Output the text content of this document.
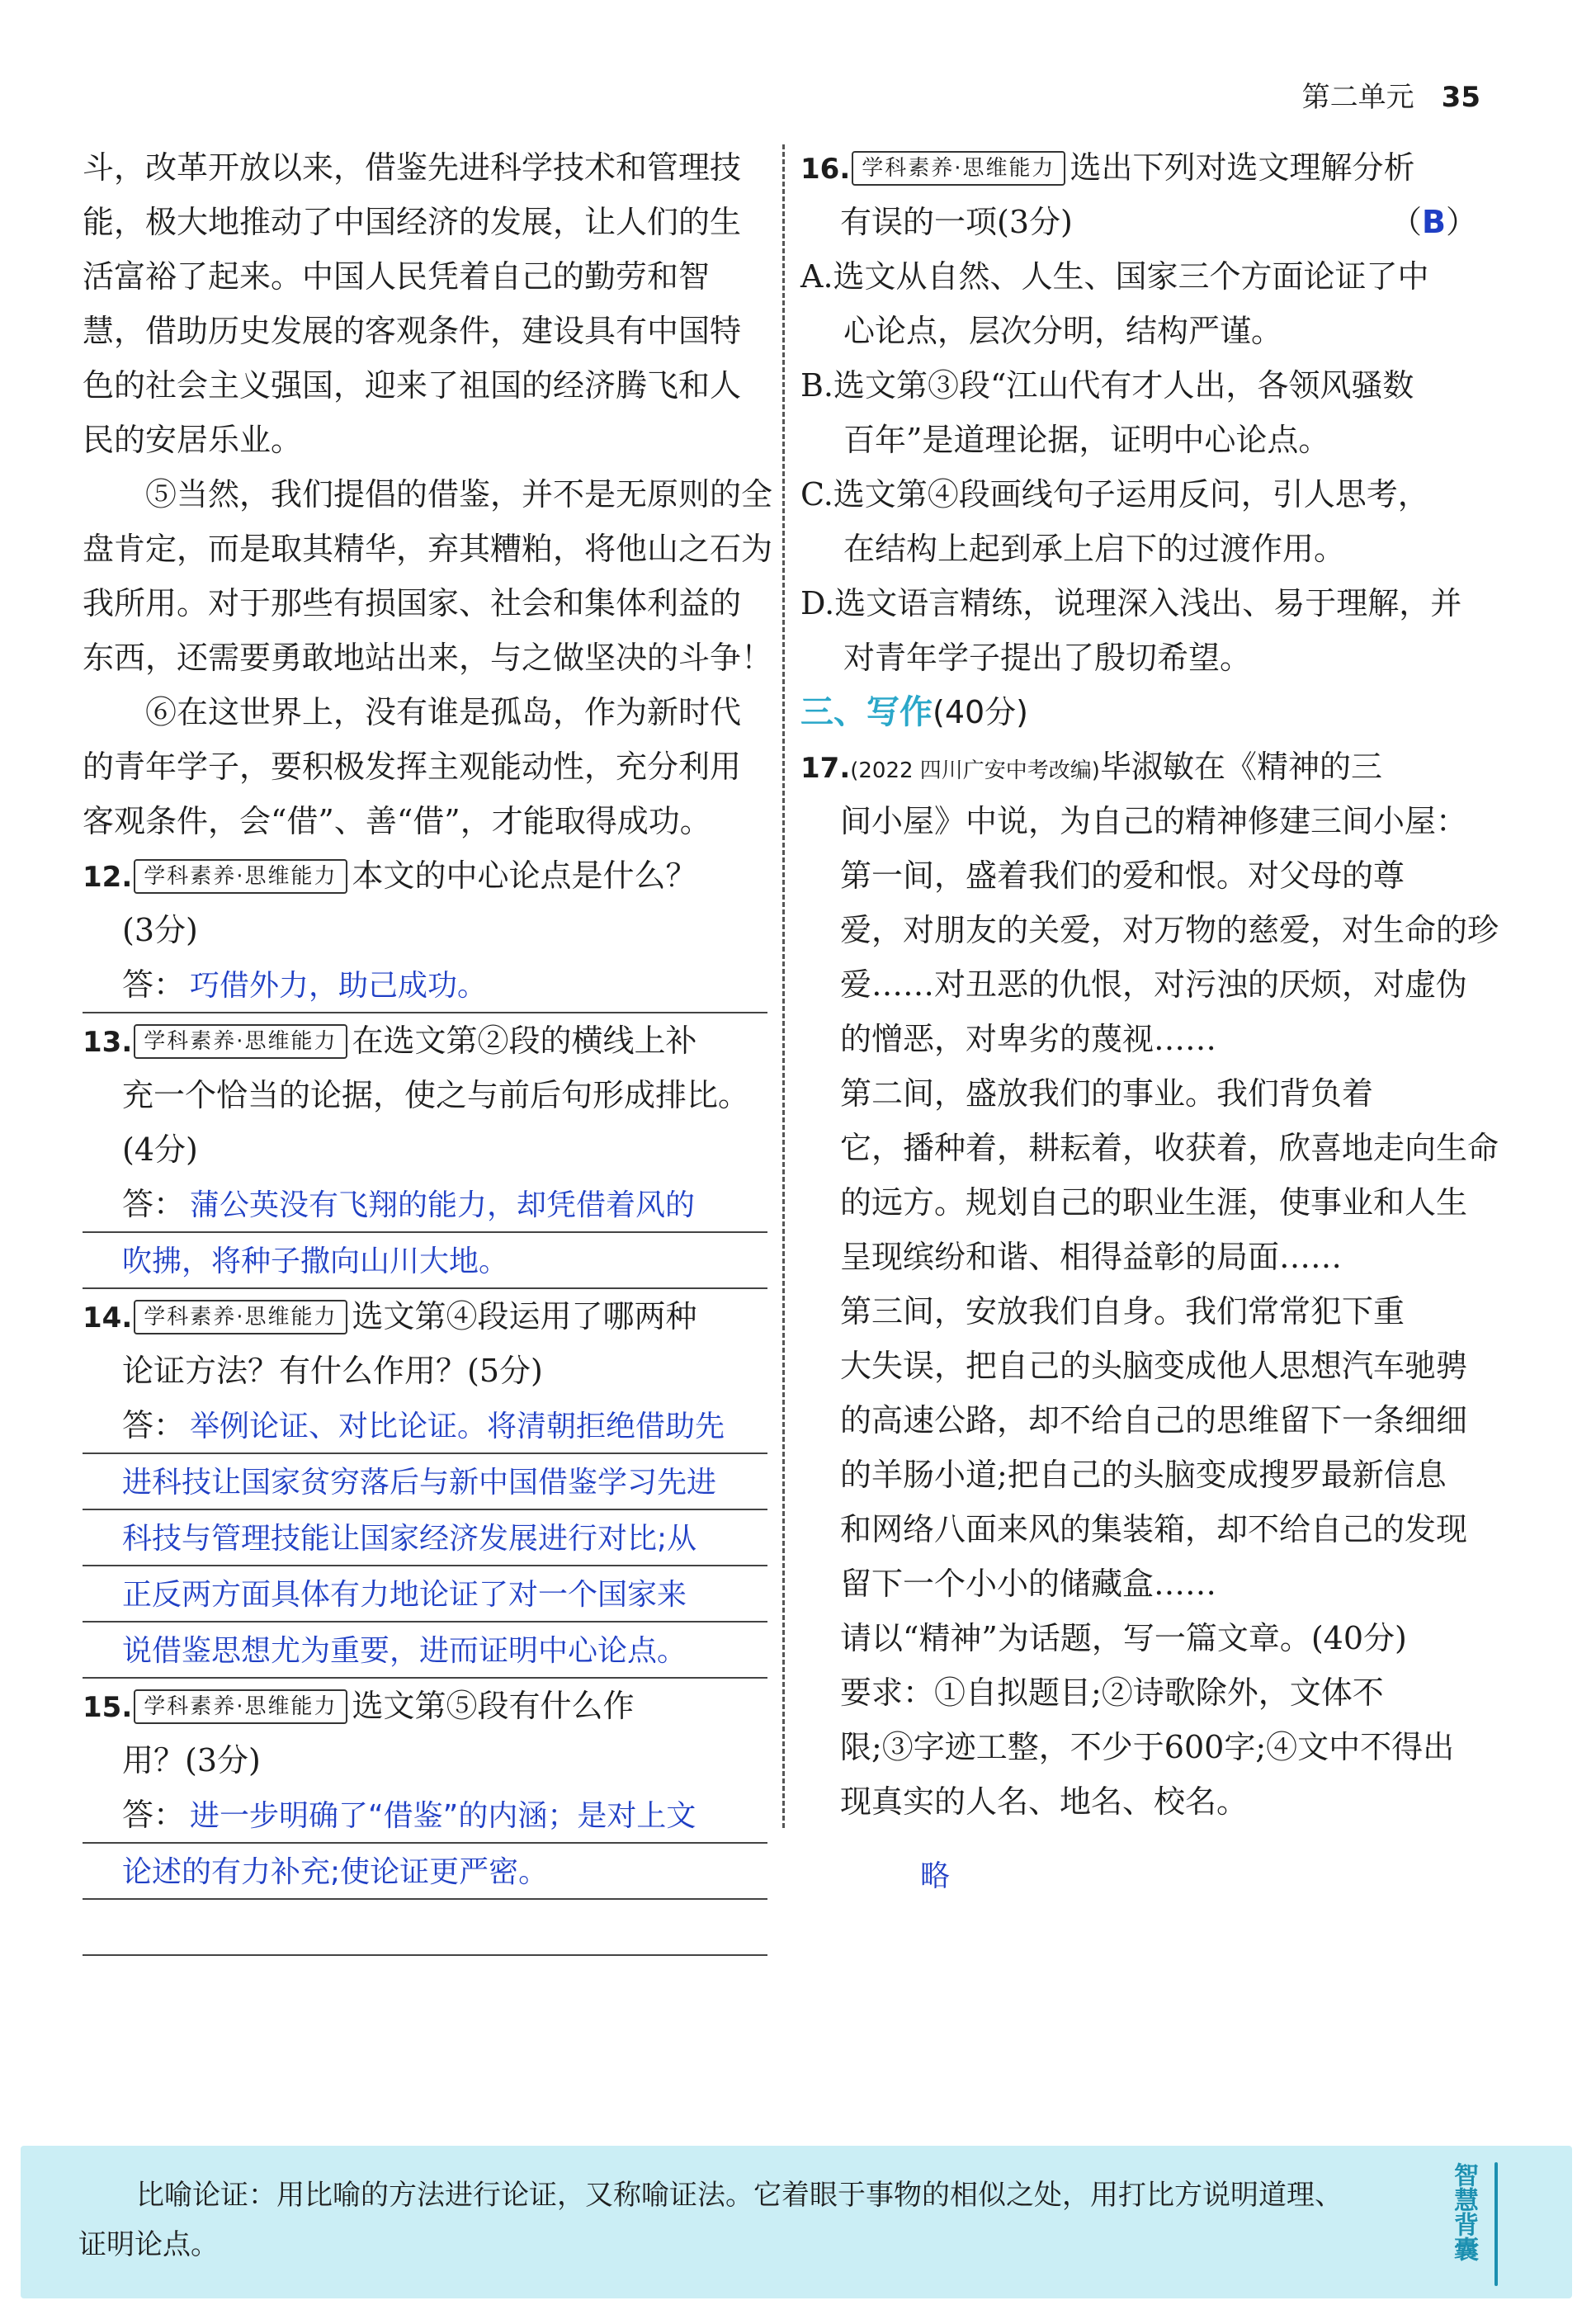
第二单元 35
斗，改革开放以来，借鉴先进科学技术和管理技
能，极大地推动了中国经济的发展，让人们的生
活富裕了起来。中国人民凭着自己的勤劳和智
慧，借助历史发展的客观条件，建设具有中国特
色的社会主义强国，迎来了祖国的经济腾飞和人
民的安居乐业。
⑤当然，我们提倡的借鉴，并不是无原则的全
盘肯定，而是取其精华，弃其糟粕，将他山之石为
我所用。对于那些有损国家、社会和集体利益的
东西，还需要勇敢地站出来，与之做坚决的斗争！
⑥在这世界上，没有谁是孤岛，作为新时代
的青年学子，要积极发挥主观能动性，充分利用
客观条件，会“借”、善“借”，才能取得成功。
12. 学科素养·思维能力 本文的中心论点是什么？
(3分)
答： 巧借外力，助己成功。
13. 学科素养·思维能力 在选文第②段的横线上补
充一个恰当的论据，使之与前后句形成排比。
(4分)
答： 蒲公英没有飞翔的能力，却凭借着风的
吹拂，将种子撒向山川大地。
14. 学科素养·思维能力 选文第④段运用了哪两种
论证方法？有什么作用？(5分)
答： 举例论证、对比论证。将清朝拒绝借助先
进科技让国家贫穷落后与新中国借鉴学习先进
科技与管理技能让国家经济发展进行对比;从
正反两方面具体有力地论证了对一个国家来
说借鉴思想尤为重要，进而证明中心论点。
15. 学科素养·思维能力 选文第⑤段有什么作
用？(3分)
答： 进一步明确了“借鉴”的内涵；是对上文
论述的有力补充;使论证更严密。
16. 学科素养·思维能力 选出下列对选文理解分析
有误的一项(3分)	（B）
A.选文从自然、人生、国家三个方面论证了中
心论点，层次分明，结构严谨。
B.选文第③段“江山代有才人出，各领风骚数
百年”是道理论据，证明中心论点。
C.选文第④段画线句子运用反问，引人思考，
在结构上起到承上启下的过渡作用。
D.选文语言精练，说理深入浅出、易于理解，并
对青年学子提出了殷切希望。
三、写作(40分)
17.(2022 四川广安中考改编)毕淑敏在《精神的三
间小屋》中说，为自己的精神修建三间小屋：
第一间，盛着我们的爱和恨。对父母的尊
爱，对朋友的关爱，对万物的慈爱，对生命的珍
爱……对丑恶的仇恨，对污浊的厌烦，对虚伪
的憎恶，对卑劣的蔑视……
第二间，盛放我们的事业。我们背负着
它，播种着，耕耘着，收获着，欣喜地走向生命
的远方。规划自己的职业生涯，使事业和人生
呈现缤纷和谐、相得益彰的局面……
第三间，安放我们自身。我们常常犯下重
大失误，把自己的头脑变成他人思想汽车驰骋
的高速公路，却不给自己的思维留下一条细细
的羊肠小道;把自己的头脑变成搜罗最新信息
和网络八面来风的集装箱，却不给自己的发现
留下一个小小的储藏盒……
请以“精神”为话题，写一篇文章。(40分)
要求：①自拟题目;②诗歌除外，文体不
限;③字迹工整，不少于600字;④文中不得出
现真实的人名、地名、校名。
略
比喻论证：用比喻的方法进行论证，又称喻证法。它着眼于事物的相似之处，用打比方说明道理、
证明论点。	智慧背囊
